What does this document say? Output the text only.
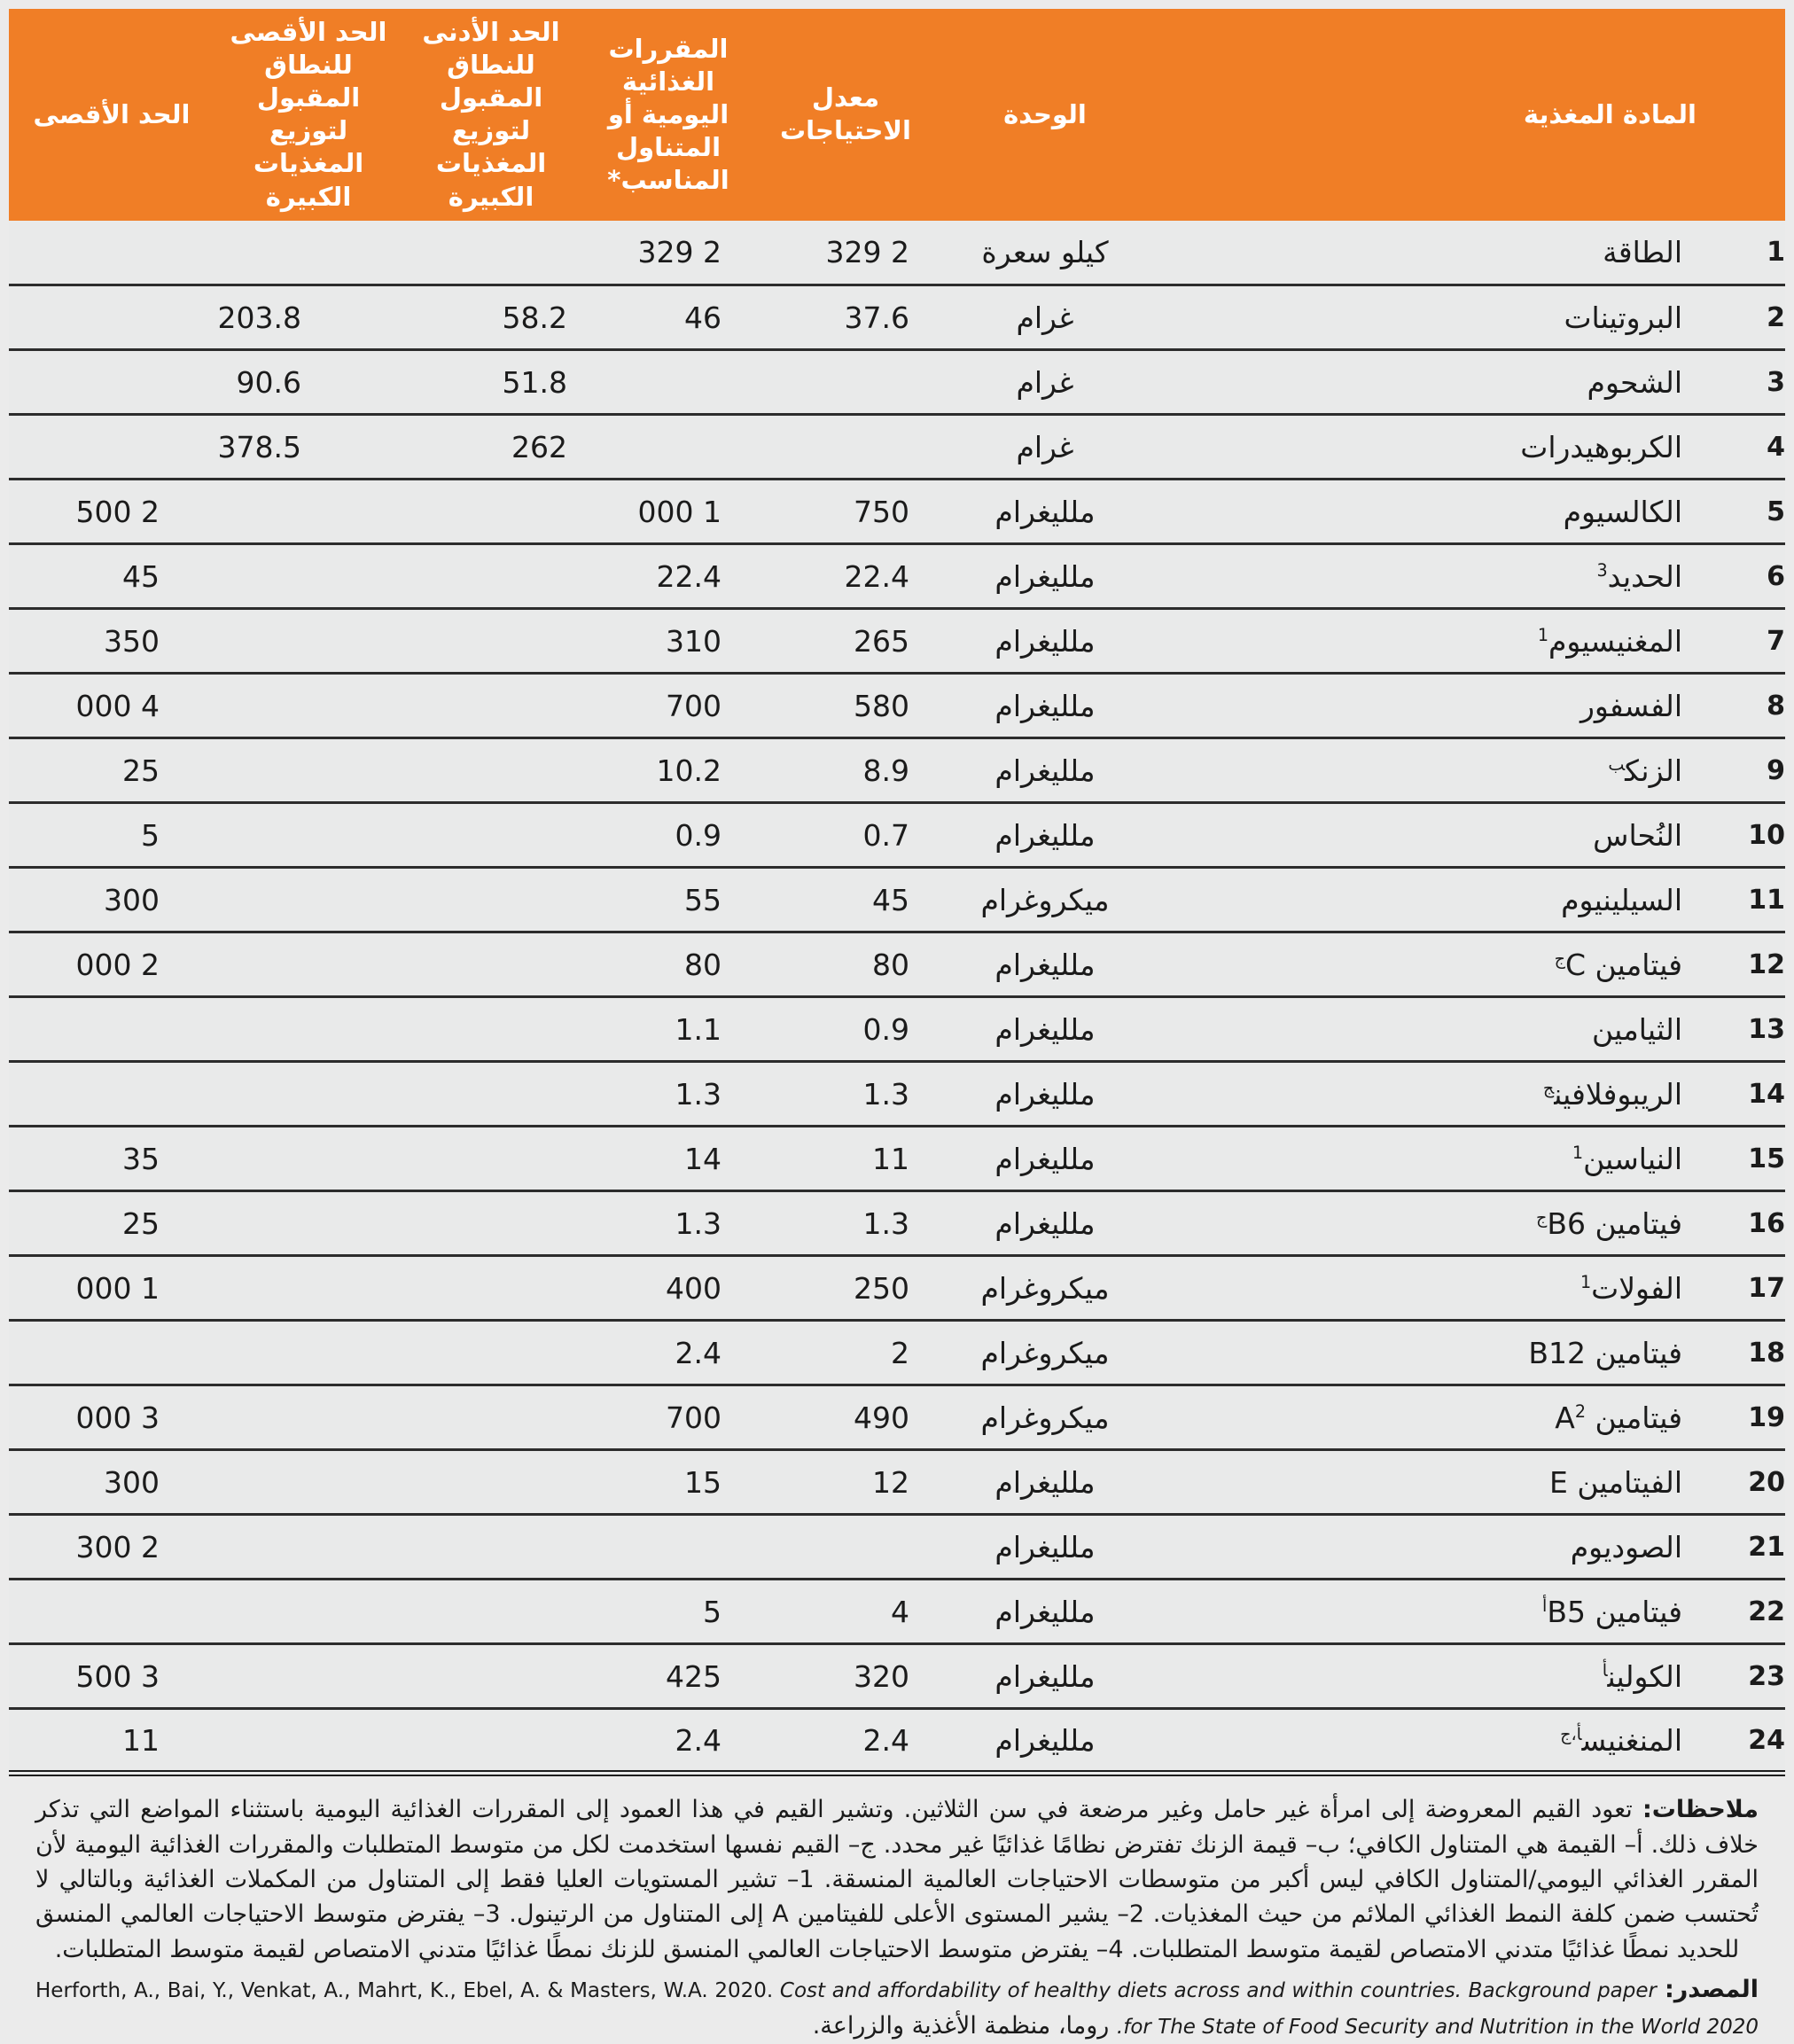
	المادة المغذية	الوحدة	معدل الاحتياجات	المقررات الغذائية اليومية أو المتناول المناسب*	الحد الأدنى للنطاق المقبول لتوزيع المغذيات الكبيرة	الحد الأقصى للنطاق المقبول لتوزيع المغذيات الكبيرة	الحد الأقصى
1	الطاقة	كيلو سعرة	2 329	2 329			
2	البروتينات	غرام	37.6	46	58.2	203.8	
3	الشحوم	غرام			51.8	90.6	
4	الكربوهيدرات	غرام			262	378.5	
5	الكالسيوم	ملليغرام	750	1 000			2 500
6	الحديد$^3$	ملليغرام	22.4	22.4			45
7	المغنيسيوم$^1$	ملليغرام	265	310			350
8	الفسفور	ملليغرام	580	700			4 000
9	الزنك$^ب$	ملليغرام	8.9	10.2			25
10	النُحاس	ملليغرام	0.7	0.9			5
11	السيلينيوم	ميكروغرام	45	55			300
12	فيتامين $C^ج$	ملليغرام	80	80			2 000
13	الثيامين	ملليغرام	0.9	1.1			
14	الريبوفلافين$^ج$	ملليغرام	1.3	1.3			
15	النياسين$^1$	ملليغرام	11	14			35
16	فيتامين $B6^ج$	ملليغرام	1.3	1.3			25
17	الفولات$^1$	ميكروغرام	250	400			1 000
18	فيتامين B12	ميكروغرام	2	2.4			
19	فيتامين $A^2$	ميكروغرام	490	700			3 000
20	الفيتامين E	ملليغرام	12	15			300
21	الصوديوم	ملليغرام					2 300
22	فيتامين $B5^أ$	ملليغرام	4	5			
23	الكولين$^أ$	ملليغرام	320	425			3 500
24	المنغنيس$^{أ،ج}$	ملليغرام	2.4	2.4			11

ملاحظات: تعود القيم المعروضة إلى امرأة غير حامل وغير مرضعة في سن الثلاثين. وتشير القيم في هذا العمود إلى المقررات الغذائية اليومية باستثناء المواضع التي تذكر خلاف ذلك. أ– القيمة هي المتناول الكافي؛ ب– قيمة الزنك تفترض نظامًا غذائيًا غير محدد. ج– القيم نفسها استخدمت لكل من متوسط المتطلبات والمقررات الغذائية اليومية لأن المقرر الغذائي اليومي/المتناول الكافي ليس أكبر من متوسطات الاحتياجات العالمية المنسقة. 1– تشير المستويات العليا فقط إلى المتناول من المكملات الغذائية وبالتالي لا تُحتسب ضمن كلفة النمط الغذائي الملائم من حيث المغذيات. 2– يشير المستوى الأعلى للفيتامين A إلى المتناول من الرتينول. 3– يفترض متوسط الاحتياجات العالمي المنسق للحديد نمطًا غذائيًا متدني الامتصاص لقيمة متوسط المتطلبات. 4– يفترض متوسط الاحتياجات العالمي المنسق للزنك نمطًا غذائيًا متدني الامتصاص لقيمة متوسط المتطلبات.

المصدر: Herforth, A., Bai, Y., Venkat, A., Mahrt, K., Ebel, A. & Masters, W.A. 2020. Cost and affordability of healthy diets across and within countries. Background paper for The State of Food Security and Nutrition in the World 2020. روما، منظمة الأغذية والزراعة.
